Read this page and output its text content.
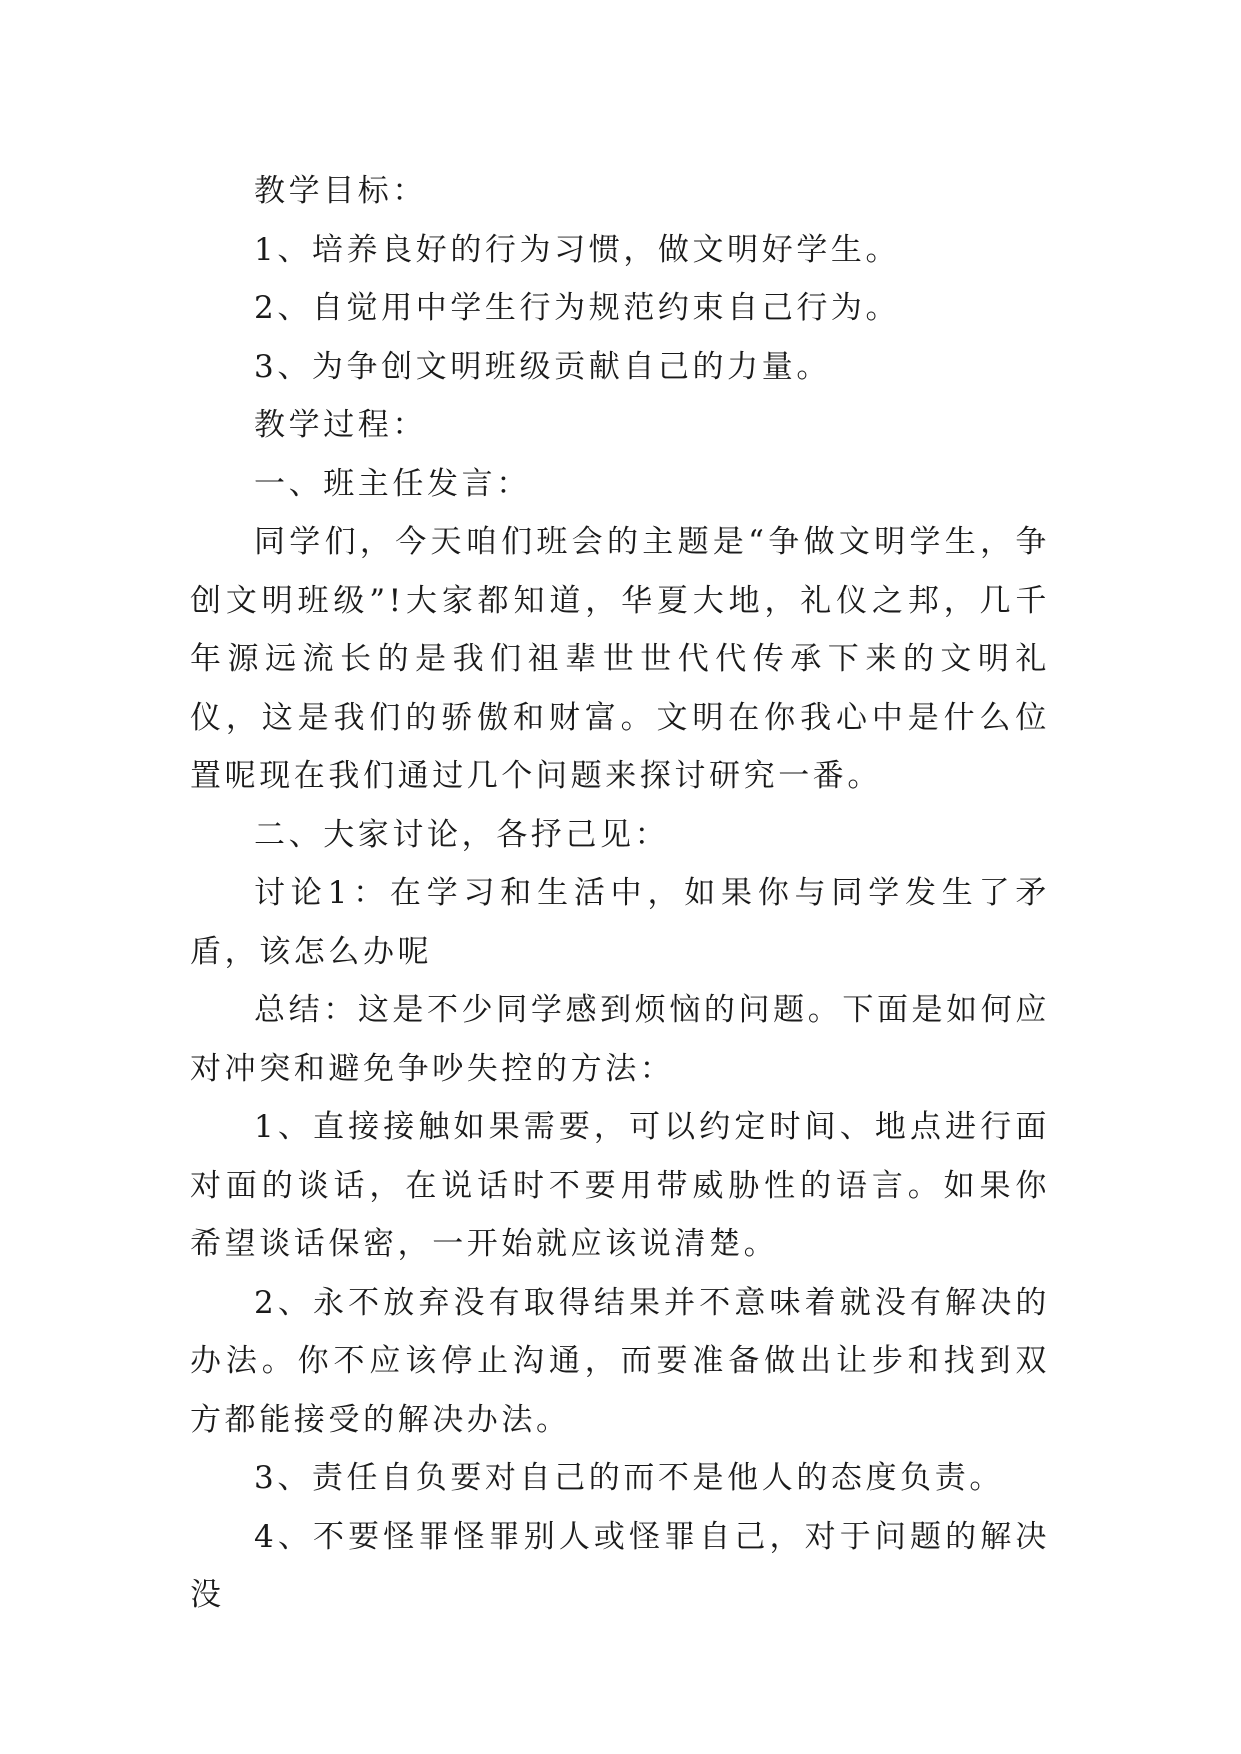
教学目标：

1、培养良好的行为习惯，做文明好学生。

2、自觉用中学生行为规范约束自己行为。

3、为争创文明班级贡献自己的力量。

教学过程：

一、班主任发言：

同学们，今天咱们班会的主题是“争做文明学生，争创文明班级”!大家都知道，华夏大地，礼仪之邦，几千年源远流长的是我们祖辈世世代代传承下来的文明礼仪，这是我们的骄傲和财富。文明在你我心中是什么位置呢现在我们通过几个问题来探讨研究一番。

二、大家讨论，各抒己见：

讨论1：在学习和生活中，如果你与同学发生了矛盾，该怎么办呢

总结：这是不少同学感到烦恼的问题。下面是如何应对冲突和避免争吵失控的方法：

1、直接接触如果需要，可以约定时间、地点进行面对面的谈话，在说话时不要用带威胁性的语言。如果你希望谈话保密，一开始就应该说清楚。

2、永不放弃没有取得结果并不意味着就没有解决的办法。你不应该停止沟通，而要准备做出让步和找到双方都能接受的解决办法。

3、责任自负要对自己的而不是他人的态度负责。

4、不要怪罪怪罪别人或怪罪自己，对于问题的解决没
